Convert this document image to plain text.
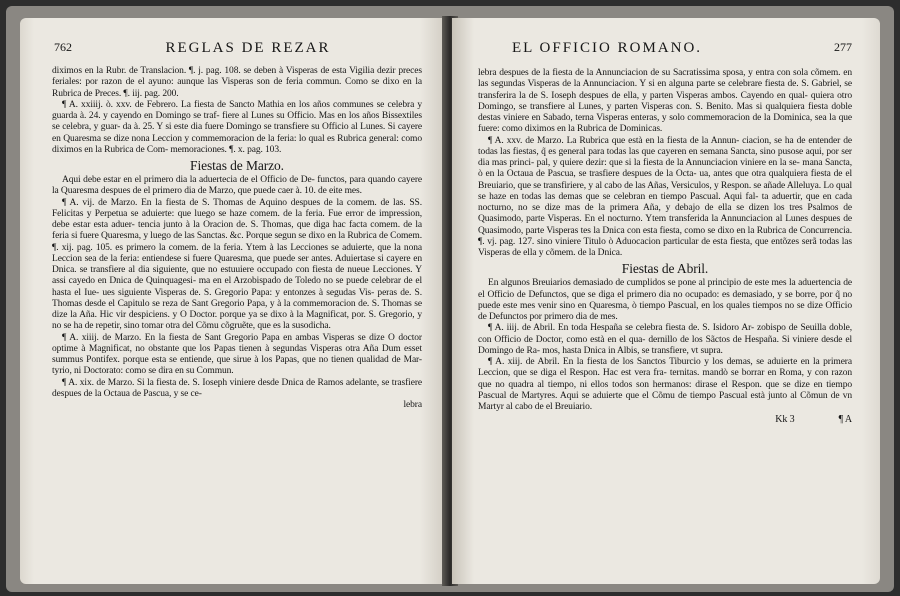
762	REGLAS DE REZAR

diximos en la Rubr. de Translacion. ¶. j. pag. 108. se deben à Visperas de esta Vigilia dezir preces feriales: por razon de el ayuno: aunque las Visperas son de feria commun. Como se dixo en la Rubrica de Preces. ¶. iij. pag. 200.

¶ A. xxiiij. ò. xxv. de Febrero. La fiesta de Sancto Mathia en los años communes se celebra y guarda à. 24. y cayendo en Domingo se traf- fiere al Lunes su Officio. Mas en los años Bissextiles se celebra, y guar- da à. 25. Y si este dia fuere Domingo se transfiere su Officio al Lunes. Si cayere en Quaresma se dize nona Leccion y commemoracion de la feria: lo qual es Rubrica general: como diximos en la Rubrica de Com- memoraciones. ¶. x. pag. 103.

Fiestas de Marzo.

Aqui debe estar en el primero dia la aduertecia de el Officio de De- functos, para quando cayere la Quaresma despues de el primero dia de Marzo, que puede caer à. 10. de eite mes.

¶ A. vij. de Marzo. En la fiesta de S. Thomas de Aquino despues de la comem. de las. SS. Felicitas y Perpetua se aduierte: que luego se haze comem. de la feria. Fue error de impression, debe estar esta aduer- tencia junto à la Oracion de. S. Thomas, que diga hac facta comem. de la feria si fuere Quaresma, y luego de las Sanctas. &c. Porque segun se dixo en la Rubrica de Comem. ¶. xij. pag. 105. es primero la comem. de la feria. Ytem à las Lecciones se aduierte, que la nona Leccion sea de la feria: entiendese si fuere Quaresma, que puede ser antes. Aduiertase si cayere en Dnica. se transfiere al dia siguiente, que no estuuiere occupado con fiesta de nueue Lecciones. Y assi cayedo en Dnica de Quinquagesi- ma en el Arzobispado de Toledo no se puede celebrar de el hasta el Iue- ues siguiente Visperas de. S. Gregorio Papa: y entonzes à segudas Vis- peras de. S. Thomas desde el Capitulo se reza de Sant Gregorio Papa, y à la commemoracion de. S. Thomas se dize la Aña. Hic vir despiciens. y O Doctor. porque ya se dixo à la Magnificat, por. S. Gregorio, y no se ha de repetir, sino tomar otra del Cõmu cõgruẽte, que es la susodicha.

¶ A. xiiij. de Marzo. En la fiesta de Sant Gregorio Papa en ambas Visperas se dize O doctor optime à Magnificat, no obstante que los Papas tienen à segundas Visperas otra Aña Dum esset summus Pontifex. porque esta se entiende, que sirue à los Papas, que no tienen qualidad de Mar- tyrio, ni Doctorato: como se dira en su Commun.

¶ A. xix. de Marzo. Si la fiesta de. S. Ioseph viniere desde Dnica de Ramos adelante, se trasfiere despues de la Octaua de Pascua, y se ce-

lebra
EL OFFICIO ROMANO.	277

lebra despues de la fiesta de la Annunciacion de su Sacratissima sposa, y entra con sola cõmem. en las segundas Visperas de la Annunciacion. Y si en alguna parte se celebrare fiesta de. S. Gabriel, se transferira la de S. Ioseph despues de ella, y parten Visperas ambos. Cayendo en qual- quiera otro Domingo, se transfiere al Lunes, y parten Visperas con. S. Benito. Mas si qualquiera fiesta doble destas viniere en Sabado, terna Visperas enteras, y solo commemoracion de la Dominica, sea la que fuere: como diximos en la Rubrica de Dominicas.

¶ A. xxv. de Marzo. La Rubrica que està en la fiesta de la Annun- ciacion, se ha de entender de todas las fiestas, q̃ es general para todas las que cayeren en semana Sancta, sino pusose aqui, por ser dia mas princi- pal, y quiere dezir: que si la fiesta de la Annunciacion viniere en la se- mana Sancta, ò en la Octaua de Pascua, se trasfiere despues de la Octa- ua, antes que otra qualquiera fiesta de el Breuiario, que se transfiriere, y al cabo de las Añas, Versiculos, y Respon. se añade Alleluya. Lo qual se haze en todas las demas que se celebran en tiempo Pascual. Aqui fal- ta aduertir, que en cada nocturno, no se dize mas de la primera Aña, y debajo de ella se dizen los tres Psalmos de Quasimodo, parte Visperas. En el nocturno. Ytem transferida la Annunciacion al Lunes despues de Quasimodo, parte Visperas tes la Dnica con esta fiesta, como se dixo en la Rubrica de Concurrencia. ¶. vj. pag. 127. sino viniere Titulo ò Aduocacion particular de esta fiesta, que entõzes serã todas las Visperas de ella y cõmem. de la Dnica.

Fiestas de Abril.

En algunos Breuiarios demasiado de cumplidos se pone al principio de este mes la aduertencia de el Officio de Defunctos, que se diga el primero dia no ocupado: es demasiado, y se borre, por q̃ no puede este mes venir sino en Quaresma, ò tiempo Pascual, en los quales tiempos no se dize Officio de Defunctos por primero dia de mes.

¶ A. iiij. de Abril. En toda Hespaña se celebra fiesta de. S. Isidoro Ar- zobispo de Seuilla doble, con Officio de Doctor, como està en el qua- dernillo de los Sãctos de Hespaña. Si viniere desde el Domingo de Ra- mos, hasta Dnica in Albis, se transfiere, vt supra.

¶ A. xiij. de Abril. En la fiesta de los Sanctos Tiburcio y los demas, se aduierte en la primera Leccion, que se diga el Respon. Hac est vera fra- ternitas. mandò se borrar en Roma, y con razon que no quadra al tiempo, ni ellos todos son hermanos: dirase el Respon. que se dize en tiempo Pascual de Martyres. Aqui se aduierte que el Cõmu de tiempo Pascual està junto al Cõmun de vn Martyr al cabo de el Breuiario.

Kk 3	¶ A
